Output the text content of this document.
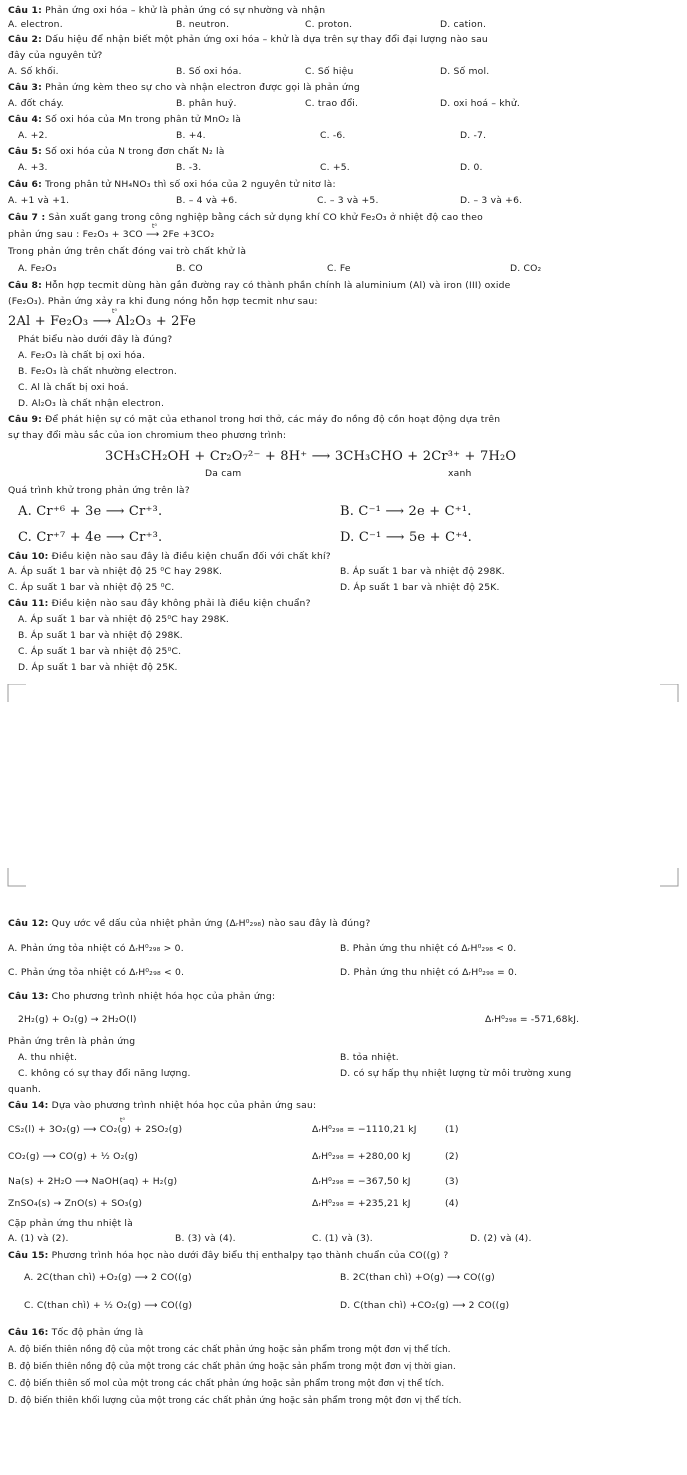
Câu 1: Phản ứng oxi hóa – khử là phản ứng có sự nhường và nhận
A. electron.	B. neutron.	C. proton.	D. cation.
Câu 2: Dấu hiệu để nhận biết một phản ứng oxi hóa – khử là dựa trên sự thay đổi đại lượng nào sau
đây của nguyên tử?
A. Số khối.	B. Số oxi hóa.	C. Số hiệu	D. Số mol.
Câu 3: Phản ứng kèm theo sự cho và nhận electron được gọi là phản ứng
A. đốt cháy.	B. phân huỷ.	C. trao đổi.	D. oxi hoá – khử.
Câu 4: Số oxi hóa của Mn trong phân tử MnO₂ là
A. +2.	B. +4.	C. -6.	D. -7.
Câu 5: Số oxi hóa của N trong đơn chất N₂ là
A. +3.	B. -3.	C. +5.	D. 0.
Câu 6: Trong phân tử NH₄NO₃ thì số oxi hóa của 2 nguyên tử nitơ là:
A. +1 và +1.	B. – 4 và +6.	C. – 3 và +5.	D. – 3 và +6.
Câu 7 : Sản xuất gang trong công nghiệp bằng cách sử dụng khí CO khử Fe₂O₃ ở nhiệt độ cao theo
phản ứng sau : Fe₂O₃ + 3CO ⟶ 2Fe +3CO₂
t⁰
Trong phản ứng trên chất đóng vai trò chất khử là
A. Fe₂O₃	B. CO	C. Fe	D. CO₂
Câu 8: Hỗn hợp tecmit dùng hàn gắn đường ray có thành phần chính là aluminium (Al) và iron (III) oxide
(Fe₂O₃). Phản ứng xảy ra khi đung nóng hỗn hợp tecmit như sau:
2Al + Fe₂O₃ ⟶ Al₂O₃ + 2Fe
t⁰
Phát biểu nào dưới đây là đúng?
A. Fe₂O₃ là chất bị oxi hóa.
B. Fe₂O₃ là chất nhường electron.
C. Al là chất bị oxi hoá.
D. Al₂O₃ là chất nhận electron.
Câu 9: Để phát hiện sự có mặt của ethanol trong hơi thở, các máy đo nồng độ cồn hoạt động dựa trên
sự thay đổi màu sắc của ion chromium theo phương trình:
3CH₃CH₂OH + Cr₂O₇²⁻ + 8H⁺ ⟶ 3CH₃CHO + 2Cr³⁺ + 7H₂O
Da cam	xanh
Quá trình khử trong phản ứng trên là?
A. Cr⁺⁶ + 3e ⟶ Cr⁺³.	B. C⁻¹ ⟶ 2e + C⁺¹.
C. Cr⁺⁷ + 4e ⟶ Cr⁺³.	D. C⁻¹ ⟶ 5e + C⁺⁴.
Câu 10: Điều kiện nào sau đây là điều kiện chuẩn đối với chất khí?
A. Áp suất 1 bar và nhiệt độ 25 ⁰C hay 298K.	B. Áp suất 1 bar và nhiệt độ 298K.
C. Áp suất 1 bar và nhiệt độ 25 ⁰C.	D. Áp suất 1 bar và nhiệt độ 25K.
Câu 11: Điều kiện nào sau đây không phải là điều kiện chuẩn?
A. Áp suất 1 bar và nhiệt độ 25⁰C hay 298K.
B. Áp suất 1 bar và nhiệt độ 298K.
C. Áp suất 1 bar và nhiệt độ 25⁰C.
D. Áp suất 1 bar và nhiệt độ 25K.
Câu 12: Quy ước về dấu của nhiệt phản ứng (ΔᵣH⁰₂₉₈) nào sau đây là đúng?
A. Phản ứng tỏa nhiệt có ΔᵣH⁰₂₉₈ > 0.	B. Phản ứng thu nhiệt có ΔᵣH⁰₂₉₈ < 0.
C. Phản ứng tỏa nhiệt có ΔᵣH⁰₂₉₈ < 0.	D. Phản ứng thu nhiệt có ΔᵣH⁰₂₉₈ = 0.
Câu 13: Cho phương trình nhiệt hóa học của phản ứng:
2H₂(g) + O₂(g) → 2H₂O(l)	ΔᵣH⁰₂₉₈ = -571,68kJ.
Phản ứng trên là phản ứng
A. thu nhiệt.	B. tỏa nhiệt.
C. không có sự thay đổi năng lượng.	D. có sự hấp thụ nhiệt lượng từ môi trường xung
quanh.
Câu 14: Dựa vào phương trình nhiệt hóa học của phản ứng sau:
t⁰
CS₂(l) + 3O₂(g) ⟶ CO₂(g) + 2SO₂(g)	ΔᵣH⁰₂₉₈ = −1110,21 kJ	(1)
CO₂(g) ⟶ CO(g) + ½ O₂(g)	ΔᵣH⁰₂₉₈ = +280,00 kJ	(2)
Na(s) + 2H₂O ⟶ NaOH(aq) + H₂(g)	ΔᵣH⁰₂₉₈ = −367,50 kJ	(3)
ZnSO₄(s) → ZnO(s) + SO₃(g)	ΔᵣH⁰₂₉₈ = +235,21 kJ	(4)
Cặp phản ứng thu nhiệt là
A. (1) và (2).	B. (3) và (4).	C. (1) và (3).	D. (2) và (4).
Câu 15: Phương trình hóa học nào dưới đây biểu thị enthalpy tạo thành chuẩn của CO((g) ?
A. 2C(than chì) +O₂(g) ⟶ 2 CO((g)	B. 2C(than chì) +O(g) ⟶ CO((g)
C. C(than chì) + ½ O₂(g) ⟶ CO((g)	D. C(than chì) +CO₂(g) ⟶ 2 CO((g)
Câu 16: Tốc độ phản ứng là
A. độ biến thiên nồng độ của một trong các chất phản ứng hoặc sản phẩm trong một đơn vị thể tích.
B. độ biến thiên nồng độ của một trong các chất phản ứng hoặc sản phẩm trong một đơn vị thời gian.
C. độ biến thiên số mol của một trong các chất phản ứng hoặc sản phẩm trong một đơn vị thể tích.
D. độ biến thiên khối lượng của một trong các chất phản ứng hoặc sản phẩm trong một đơn vị thể tích.
